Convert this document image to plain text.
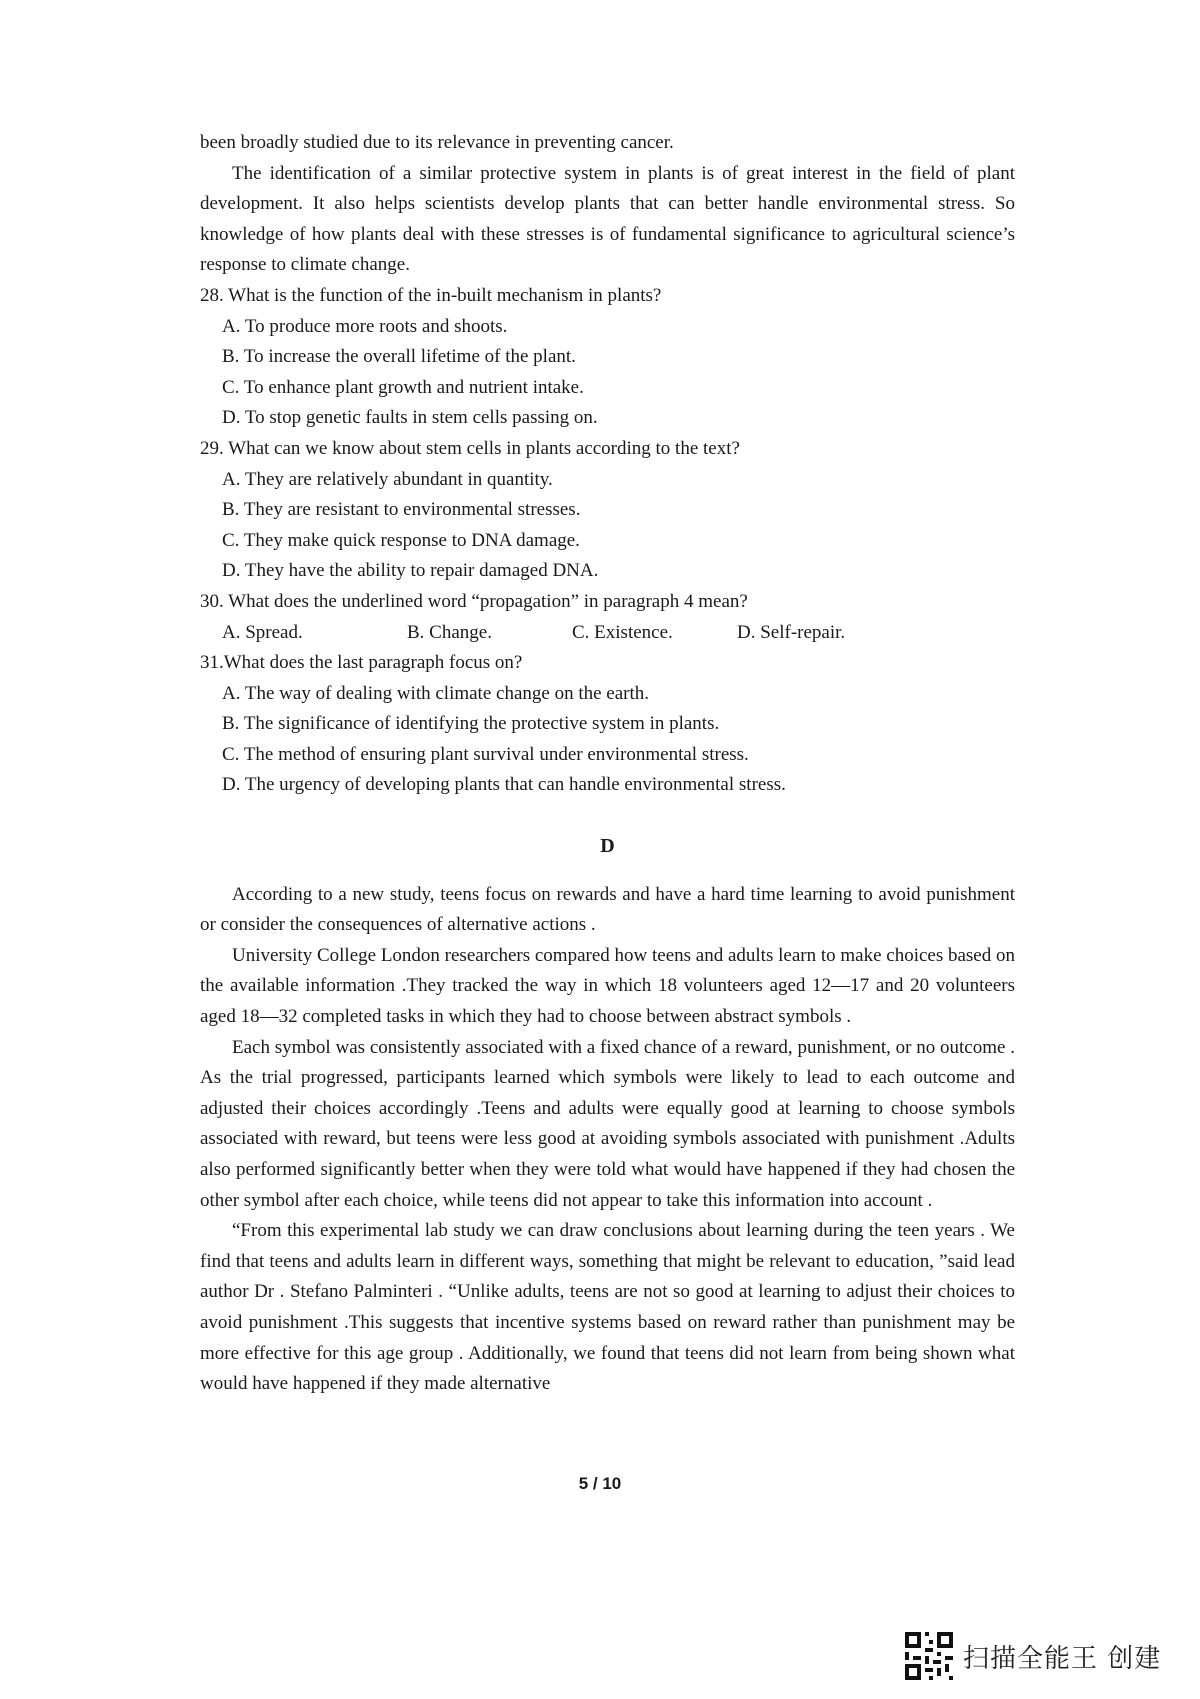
been broadly studied due to its relevance in preventing cancer.

The identification of a similar protective system in plants is of great interest in the field of plant development. It also helps scientists develop plants that can better handle environmental stress. So knowledge of how plants deal with these stresses is of fundamental significance to agricultural science’s response to climate change.

28. What is the function of the in-built mechanism in plants?

A. To produce more roots and shoots.

B. To increase the overall lifetime of the plant.

C. To enhance plant growth and nutrient intake.

D. To stop genetic faults in stem cells passing on.

29. What can we know about stem cells in plants according to the text?

A. They are relatively abundant in quantity.

B. They are resistant to environmental stresses.

C. They make quick response to DNA damage.

D. They have the ability to repair damaged DNA.

30. What does the underlined word “propagation” in paragraph 4 mean?

A. Spread.	B. Change.	C. Existence.	D. Self-repair.

31.What does the last paragraph focus on?

A. The way of dealing with climate change on the earth.

B. The significance of identifying the protective system in plants.

C. The method of ensuring plant survival under environmental stress.

D. The urgency of developing plants that can handle environmental stress.

D

According to a new study, teens focus on rewards and have a hard time learning to avoid punishment or consider the consequences of alternative actions .

University College London researchers compared how teens and adults learn to make choices based on the available information .They tracked the way in which 18 volunteers aged 12—17 and 20 volunteers aged 18—32 completed tasks in which they had to choose between abstract symbols .

Each symbol was consistently associated with a fixed chance of a reward, punishment, or no outcome . As the trial progressed, participants learned which symbols were likely to lead to each outcome and adjusted their choices accordingly .Teens and adults were equally good at learning to choose symbols associated with reward, but teens were less good at avoiding symbols associated with punishment .Adults also performed significantly better when they were told what would have happened if they had chosen the other symbol after each choice, while teens did not appear to take this information into account .

“From this experimental lab study we can draw conclusions about learning during the teen years . We find that teens and adults learn in different ways, something that might be relevant to education, ”said lead author Dr . Stefano Palminteri . “Unlike adults, teens are not so good at learning to adjust their choices to avoid punishment .This suggests that incentive systems based on reward rather than punishment may be more effective for this age group . Additionally, we found that teens did not learn from being shown what would have happened if they made alternative

5 / 10
扫描全能王 创建
